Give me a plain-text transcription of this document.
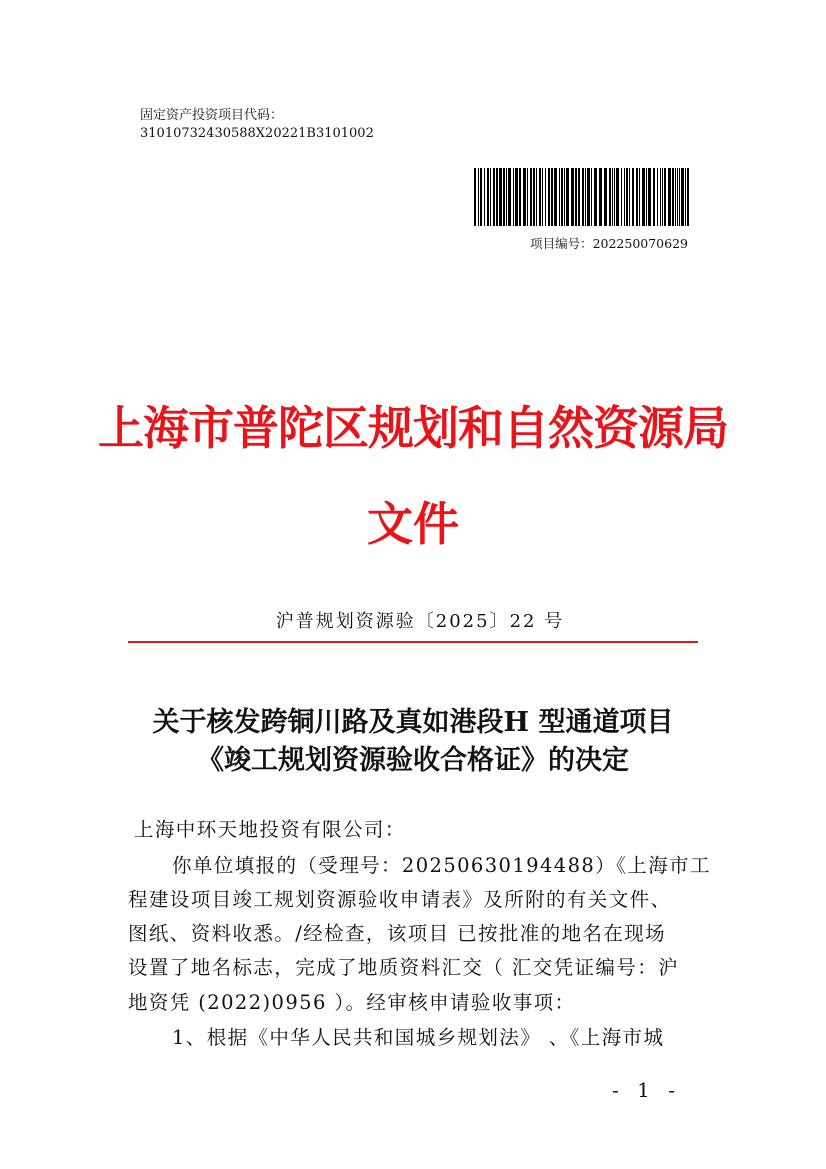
固定资产投资项目代码：
31010732430588X20221B3101002
项目编号：202250070629
上海市普陀区规划和自然资源局
文件
沪普规划资源验〔2025〕22 号
关于核发跨铜川路及真如港段H 型通道项目
《竣工规划资源验收合格证》的决定
上海中环天地投资有限公司：
你单位填报的（受理号：20250630194488）《上海市工
程建设项目竣工规划资源验收申请表》及所附的有关文件、
图纸、资料收悉。/经检查，该项目 已按批准的地名在现场
设置了地名标志，完成了地质资料汇交（ 汇交凭证编号：沪
地资凭 (2022)0956 ）。经审核申请验收事项：
1、根据《中华人民共和国城乡规划法》 、《上海市城
- 1 -
